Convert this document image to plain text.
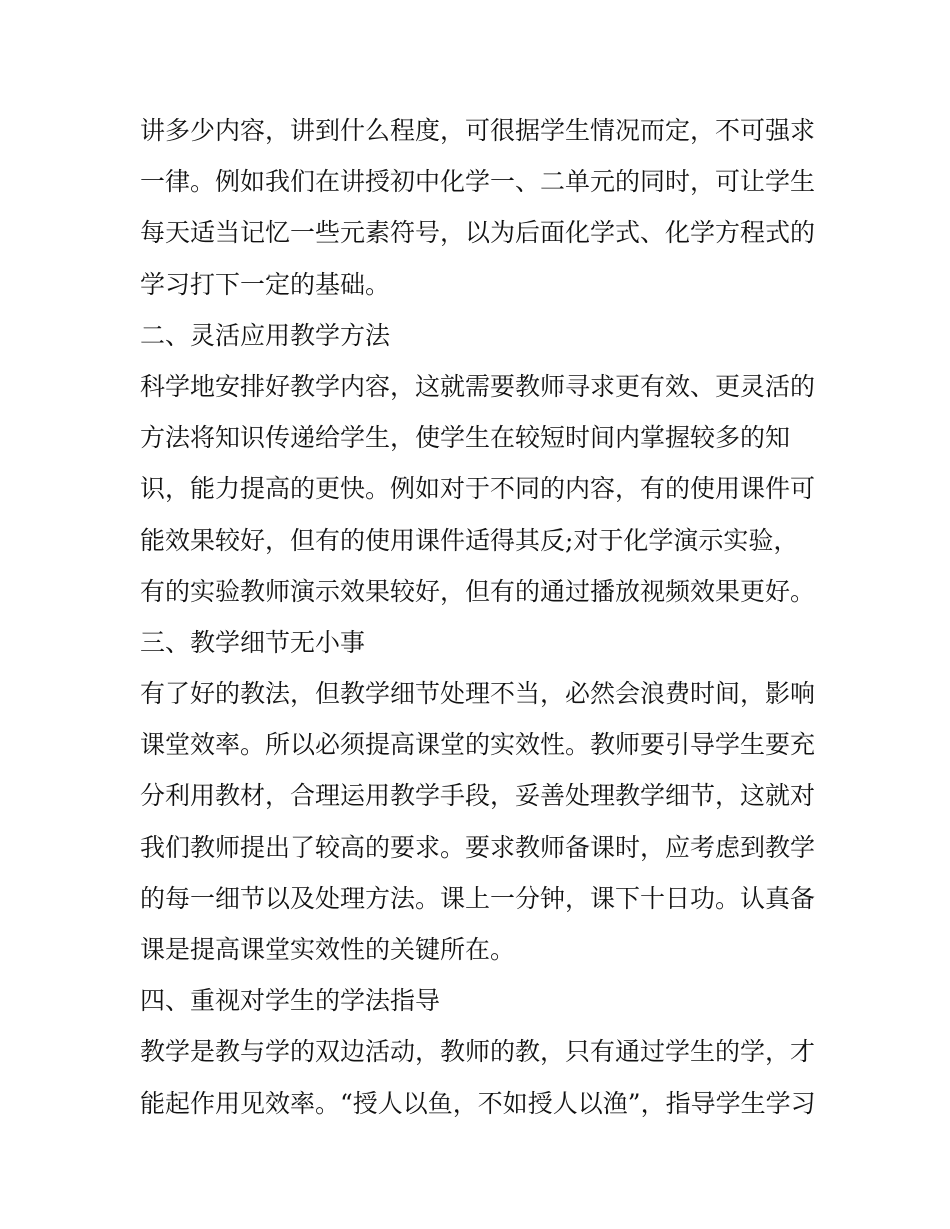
讲多少内容，讲到什么程度，可很据学生情况而定，不可强求
一律。例如我们在讲授初中化学一、二单元的同时，可让学生
每天适当记忆一些元素符号，以为后面化学式、化学方程式的
学习打下一定的基础。
二、灵活应用教学方法
科学地安排好教学内容，这就需要教师寻求更有效、更灵活的
方法将知识传递给学生，使学生在较短时间内掌握较多的知
识，能力提高的更快。例如对于不同的内容，有的使用课件可
能效果较好，但有的使用课件适得其反;对于化学演示实验，
有的实验教师演示效果较好，但有的通过播放视频效果更好。
三、教学细节无小事
有了好的教法，但教学细节处理不当，必然会浪费时间，影响
课堂效率。所以必须提高课堂的实效性。教师要引导学生要充
分利用教材，合理运用教学手段，妥善处理教学细节，这就对
我们教师提出了较高的要求。要求教师备课时，应考虑到教学
的每一细节以及处理方法。课上一分钟，课下十日功。认真备
课是提高课堂实效性的关键所在。
四、重视对学生的学法指导
教学是教与学的双边活动，教师的教，只有通过学生的学，才
能起作用见效率。“授人以鱼，不如授人以渔”，指导学生学习
